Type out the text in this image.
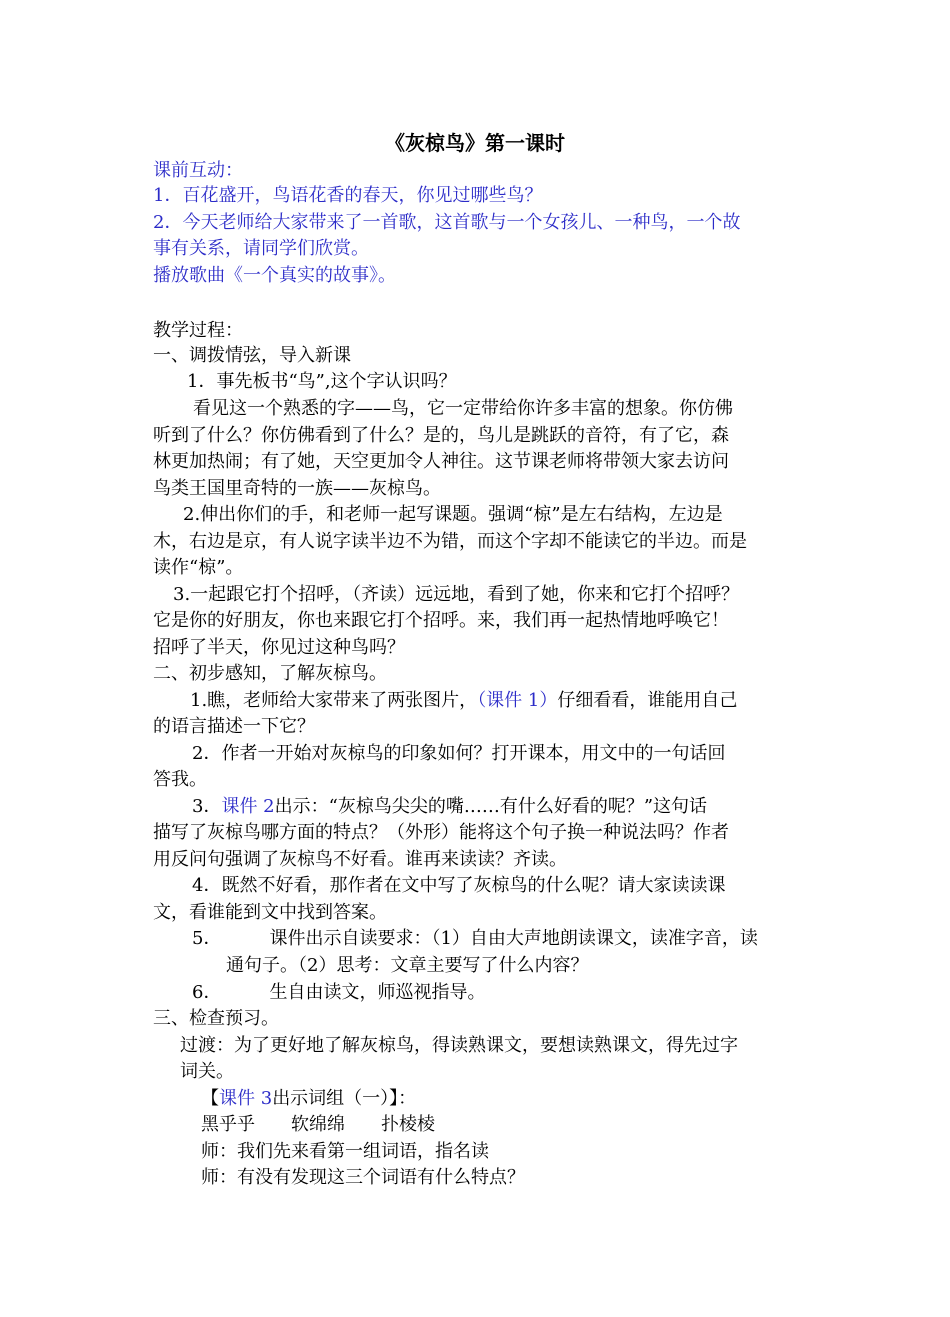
《灰椋鸟》第一课时
课前互动：
1．百花盛开，鸟语花香的春天，你见过哪些鸟？
2．今天老师给大家带来了一首歌，这首歌与一个女孩儿、一种鸟，一个故
事有关系，请同学们欣赏。
播放歌曲《一个真实的故事》。
教学过程：
一、调拨情弦，导入新课
1．事先板书“鸟”,这个字认识吗？
看见这一个熟悉的字——鸟，它一定带给你许多丰富的想象。你仿佛
听到了什么？你仿佛看到了什么？是的，鸟儿是跳跃的音符，有了它，森
林更加热闹；有了她，天空更加令人神往。这节课老师将带领大家去访问
鸟类王国里奇特的一族——灰椋鸟。
2.伸出你们的手，和老师一起写课题。强调“椋”是左右结构，左边是
木，右边是京，有人说字读半边不为错，而这个字却不能读它的半边。而是
读作“椋”。
3.一起跟它打个招呼，（齐读）远远地，看到了她，你来和它打个招呼？
它是你的好朋友，你也来跟它打个招呼。来，我们再一起热情地呼唤它！
招呼了半天，你见过这种鸟吗？
二、初步感知，了解灰椋鸟。
1.瞧，老师给大家带来了两张图片，（课件 1）仔细看看，谁能用自己
的语言描述一下它？
2．作者一开始对灰椋鸟的印象如何？打开课本，用文中的一句话回
答我。
3．课件 2出示：“灰椋鸟尖尖的嘴……有什么好看的呢？”这句话
描写了灰椋鸟哪方面的特点？（外形）能将这个句子换一种说法吗？作者
用反问句强调了灰椋鸟不好看。谁再来读读？齐读。
4．既然不好看，那作者在文中写了灰椋鸟的什么呢？请大家读读课
文，看谁能到文中找到答案。
5．	课件出示自读要求：（1）自由大声地朗读课文，读准字音，读
通句子。（2）思考：文章主要写了什么内容？
6．	生自由读文，师巡视指导。
三、检查预习。
过渡：为了更好地了解灰椋鸟，得读熟课文，要想读熟课文，得先过字
词关。
【课件 3出示词组（一）】：
黑乎乎 软绵绵 扑棱棱
师：我们先来看第一组词语，指名读
师：有没有发现这三个词语有什么特点？
